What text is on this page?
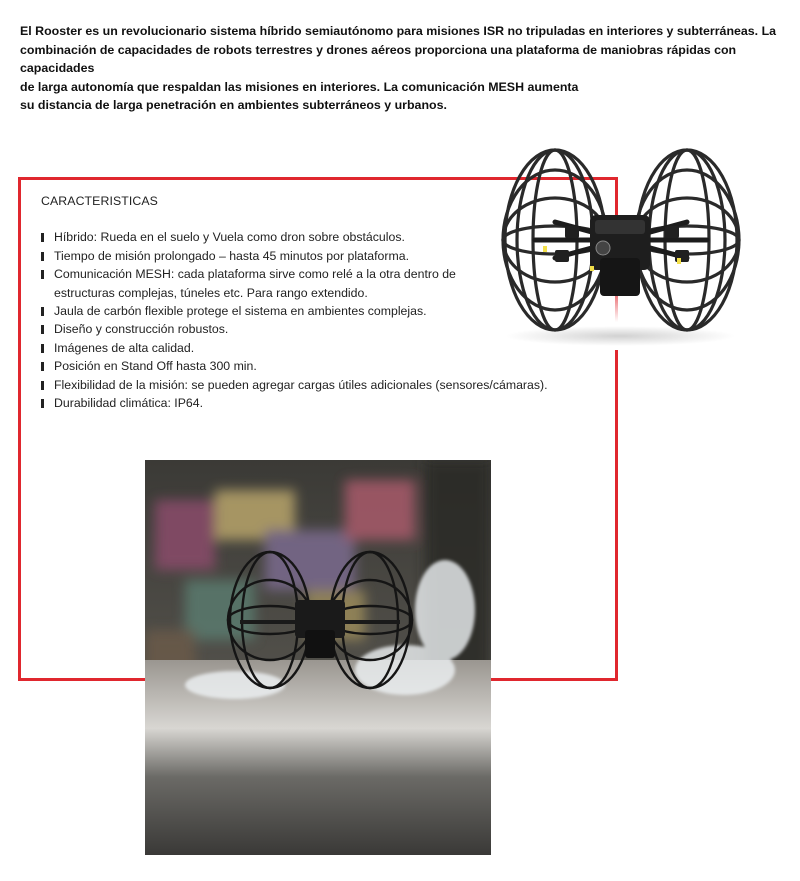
El Rooster es un revolucionario sistema híbrido semiautónomo para misiones ISR no tripuladas en interiores y subterráneas. La

combinación de capacidades de robots terrestres y drones aéreos proporciona una plataforma de maniobras rápidas con capacidades

de larga autonomía que respaldan las misiones en interiores. La comunicación MESH aumenta

su distancia de larga penetración en ambientes subterráneos y urbanos.

CARACTERISTICAS
Híbrido: Rueda en el suelo y Vuela como dron sobre obstáculos.
Tiempo de misión prolongado – hasta 45 minutos por plataforma.
Comunicación MESH: cada plataforma sirve como relé a la otra dentro de estructuras complejas, túneles etc. Para rango extendido.
Jaula de carbón flexible protege el sistema en ambientes complejas.
Diseño y construcción robustos.
Imágenes de alta calidad.
Posición en Stand Off hasta 300 min.
Flexibilidad de la misión: se pueden agregar cargas útiles adicionales (sensores/cámaras).
Durabilidad climática: IP64.
